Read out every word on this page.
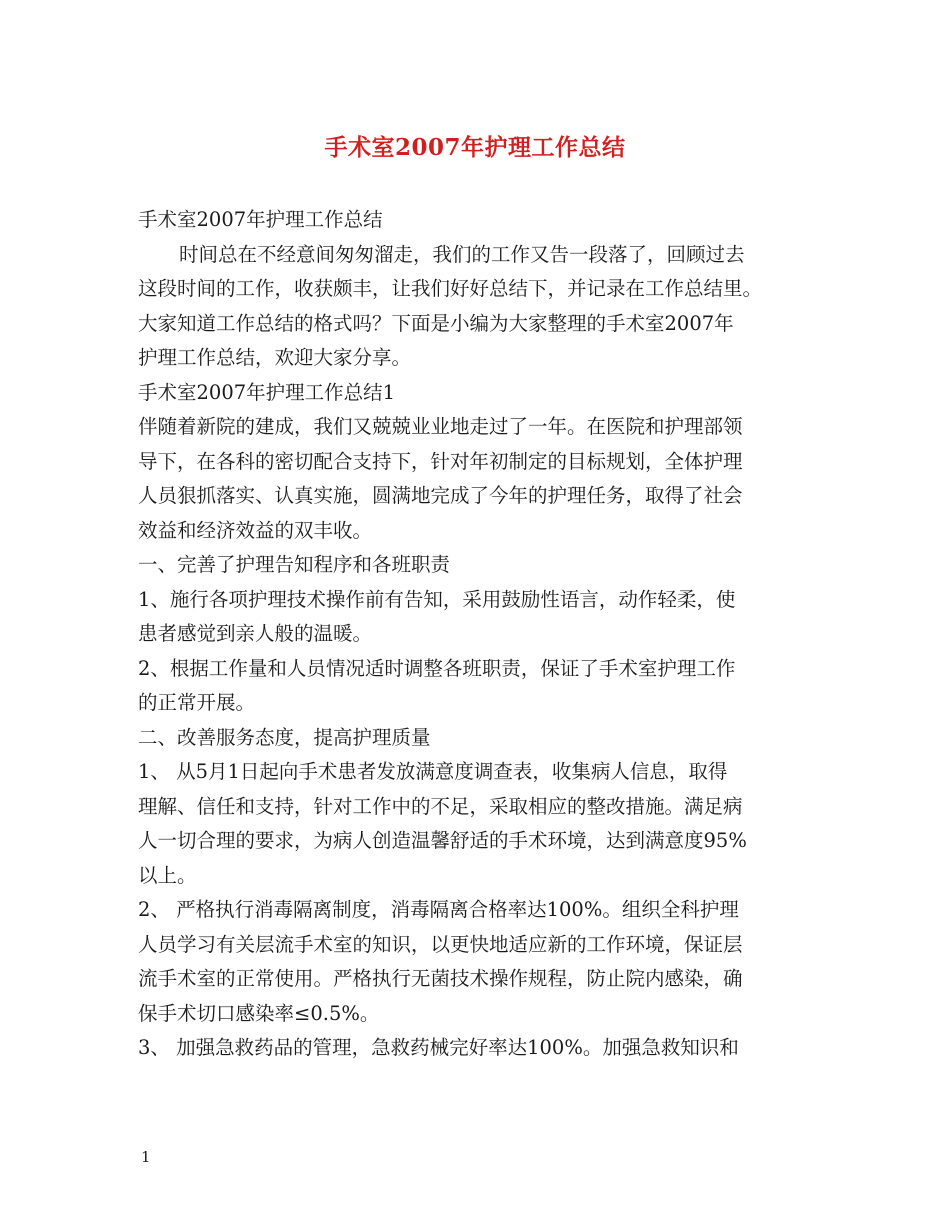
手术室2007年护理工作总结
手术室2007年护理工作总结
时间总在不经意间匆匆溜走，我们的工作又告一段落了，回顾过去
这段时间的工作，收获颇丰，让我们好好总结下，并记录在工作总结里。
大家知道工作总结的格式吗？下面是小编为大家整理的手术室2007年
护理工作总结，欢迎大家分享。
手术室2007年护理工作总结1
伴随着新院的建成，我们又兢兢业业地走过了一年。在医院和护理部领
导下，在各科的密切配合支持下，针对年初制定的目标规划，全体护理
人员狠抓落实、认真实施，圆满地完成了今年的护理任务，取得了社会
效益和经济效益的双丰收。
一、完善了护理告知程序和各班职责
1、施行各项护理技术操作前有告知，采用鼓励性语言，动作轻柔，使
患者感觉到亲人般的温暖。
2、根据工作量和人员情况适时调整各班职责，保证了手术室护理工作
的正常开展。
二、改善服务态度，提高护理质量
1、 从5月1日起向手术患者发放满意度调查表，收集病人信息，取得
理解、信任和支持，针对工作中的不足，采取相应的整改措施。满足病
人一切合理的要求，为病人创造温馨舒适的手术环境，达到满意度95%
以上。
2、 严格执行消毒隔离制度，消毒隔离合格率达100%。组织全科护理
人员学习有关层流手术室的知识，以更快地适应新的工作环境，保证层
流手术室的正常使用。严格执行无菌技术操作规程，防止院内感染，确
保手术切口感染率≤0.5%。
3、 加强急救药品的管理，急救药械完好率达100%。加强急救知识和
1
